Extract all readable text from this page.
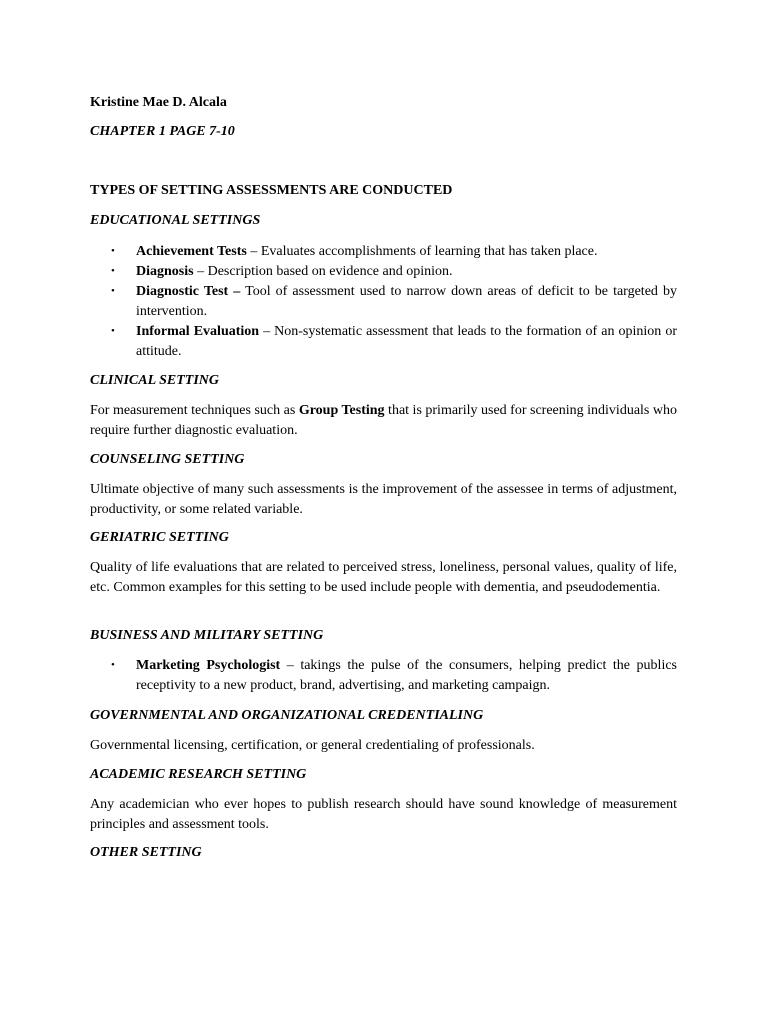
Kristine Mae D. Alcala

CHAPTER 1 PAGE 7-10

TYPES OF SETTING ASSESSMENTS ARE CONDUCTED

EDUCATIONAL SETTINGS

• Achievement Tests – Evaluates accomplishments of learning that has taken place.
• Diagnosis – Description based on evidence and opinion.
• Diagnostic Test – Tool of assessment used to narrow down areas of deficit to be targeted by intervention.
• Informal Evaluation – Non-systematic assessment that leads to the formation of an opinion or attitude.

CLINICAL SETTING

For measurement techniques such as Group Testing that is primarily used for screening individuals who require further diagnostic evaluation.

COUNSELING SETTING

Ultimate objective of many such assessments is the improvement of the assessee in terms of adjustment, productivity, or some related variable.

GERIATRIC SETTING

Quality of life evaluations that are related to perceived stress, loneliness, personal values, quality of life, etc. Common examples for this setting to be used include people with dementia, and pseudodementia.

BUSINESS AND MILITARY SETTING

• Marketing Psychologist – takings the pulse of the consumers, helping predict the publics receptivity to a new product, brand, advertising, and marketing campaign.

GOVERNMENTAL AND ORGANIZATIONAL CREDENTIALING

Governmental licensing, certification, or general credentialing of professionals.

ACADEMIC RESEARCH SETTING

Any academician who ever hopes to publish research should have sound knowledge of measurement principles and assessment tools.

OTHER SETTING
